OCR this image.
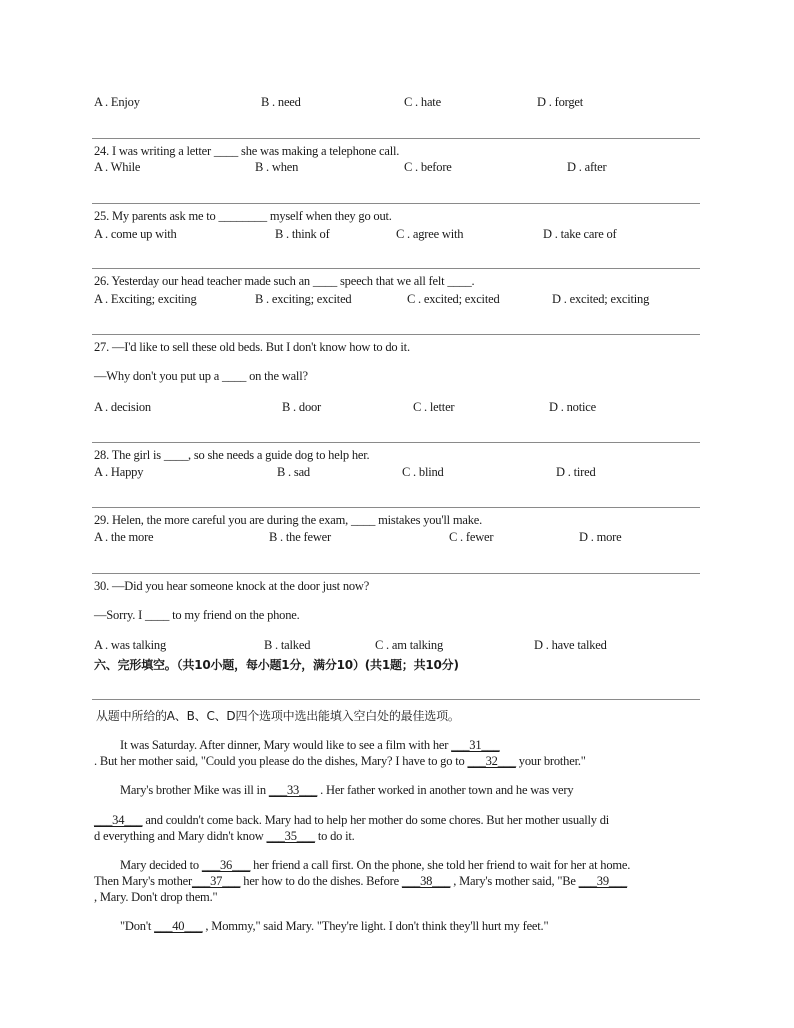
A . Enjoy	B . need	C . hate	D . forget
24. I was writing a letter ____ she was making a telephone call.
A . While	B . when	C . before	D . after
25. My parents ask me to ________ myself when they go out.
A . come up with	B . think of	C . agree with	D . take care of
26. Yesterday our head teacher made such an ____ speech that we all felt ____.
A . Exciting; exciting	B . exciting; excited	C . excited; excited	D . excited; exciting
27. —I'd like to sell these old beds. But I don't know how to do it.
—Why don't you put up a ____ on the wall?
A . decision	B . door	C . letter	D . notice
28. The girl is ____, so she needs a guide dog to help her.
A . Happy	B . sad	C . blind	D . tired
29. Helen, the more careful you are during the exam, ____ mistakes you'll make.
A . the more	B . the fewer	C . fewer	D . more
30. —Did you hear someone knock at the door just now?
—Sorry. I ____ to my friend on the phone.
A . was talking	B . talked	C . am talking	D . have talked
六、完形填空。（共10小题，每小题1分，满分10）(共1题；共10分)
从题中所给的A、B、C、D四个选项中选出能填入空白处的最佳选项。
It was Saturday. After dinner, Mary would like to see a film with her ___31___
. But her mother said, "Could you please do the dishes, Mary? I have to go to ___32___ your brother."
Mary's brother Mike was ill in ___33___ . Her father worked in another town and he was very
___34___ and couldn't come back. Mary had to help her mother do some chores. But her mother usually di
d everything and Mary didn't know ___35___ to do it.
Mary decided to ___36___ her friend a call first. On the phone, she told her friend to wait for her at home.
Then Mary's mother___37___ her how to do the dishes. Before ___38___ , Mary's mother said, "Be ___39___
, Mary. Don't drop them."
"Don't ___40___ , Mommy," said Mary. "They're light. I don't think they'll hurt my feet."
